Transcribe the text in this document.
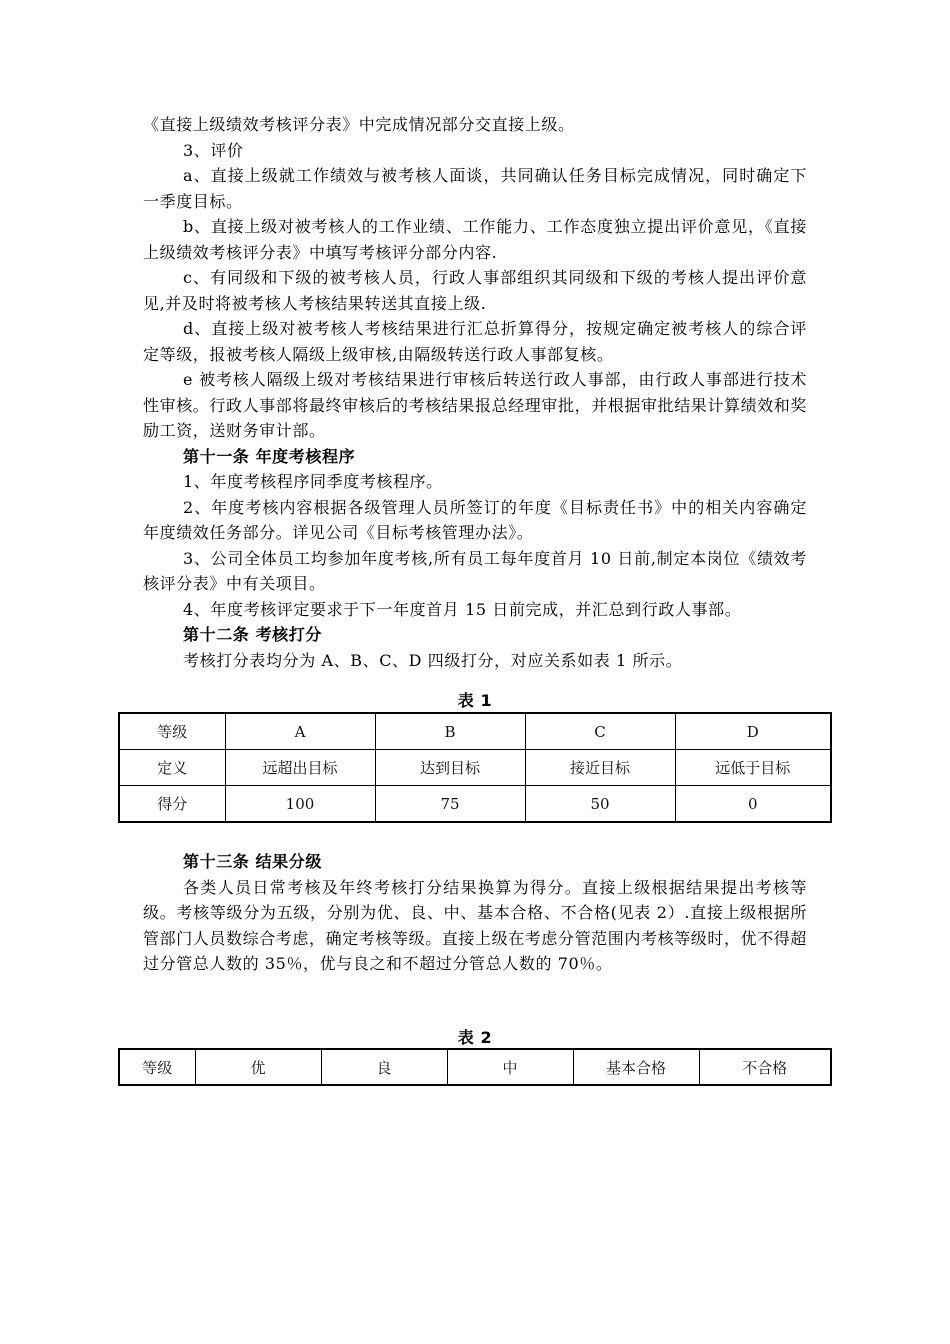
《直接上级绩效考核评分表》中完成情况部分交直接上级。

3、评价

a、直接上级就工作绩效与被考核人面谈，共同确认任务目标完成情况，同时确定下一季度目标。

b、直接上级对被考核人的工作业绩、工作能力、工作态度独立提出评价意见，《直接上级绩效考核评分表》中填写考核评分部分内容.

c、有同级和下级的被考核人员，行政人事部组织其同级和下级的考核人提出评价意见,并及时将被考核人考核结果转送其直接上级.

d、直接上级对被考核人考核结果进行汇总折算得分，按规定确定被考核人的综合评定等级，报被考核人隔级上级审核,由隔级转送行政人事部复核。

e 被考核人隔级上级对考核结果进行审核后转送行政人事部，由行政人事部进行技术性审核。行政人事部将最终审核后的考核结果报总经理审批，并根据审批结果计算绩效和奖励工资，送财务审计部。

第十一条 年度考核程序

1、年度考核程序同季度考核程序。

2、年度考核内容根据各级管理人员所签订的年度《目标责任书》中的相关内容确定年度绩效任务部分。详见公司《目标考核管理办法》。

3、公司全体员工均参加年度考核,所有员工每年度首月 10 日前,制定本岗位《绩效考核评分表》中有关项目。

4、年度考核评定要求于下一年度首月 15 日前完成，并汇总到行政人事部。

第十二条 考核打分

考核打分表均分为 A、B、C、D 四级打分，对应关系如表 1 所示。

表 1

等级	A	B	C	D
定义	远超出目标	达到目标	接近目标	远低于目标
得分	100	75	50	0

第十三条 结果分级

各类人员日常考核及年终考核打分结果换算为得分。直接上级根据结果提出考核等级。考核等级分为五级，分别为优、良、中、基本合格、不合格(见表 2）.直接上级根据所管部门人员数综合考虑，确定考核等级。直接上级在考虑分管范围内考核等级时，优不得超过分管总人数的 35％，优与良之和不超过分管总人数的 70％。

表 2

等级	优	良	中	基本合格	不合格
